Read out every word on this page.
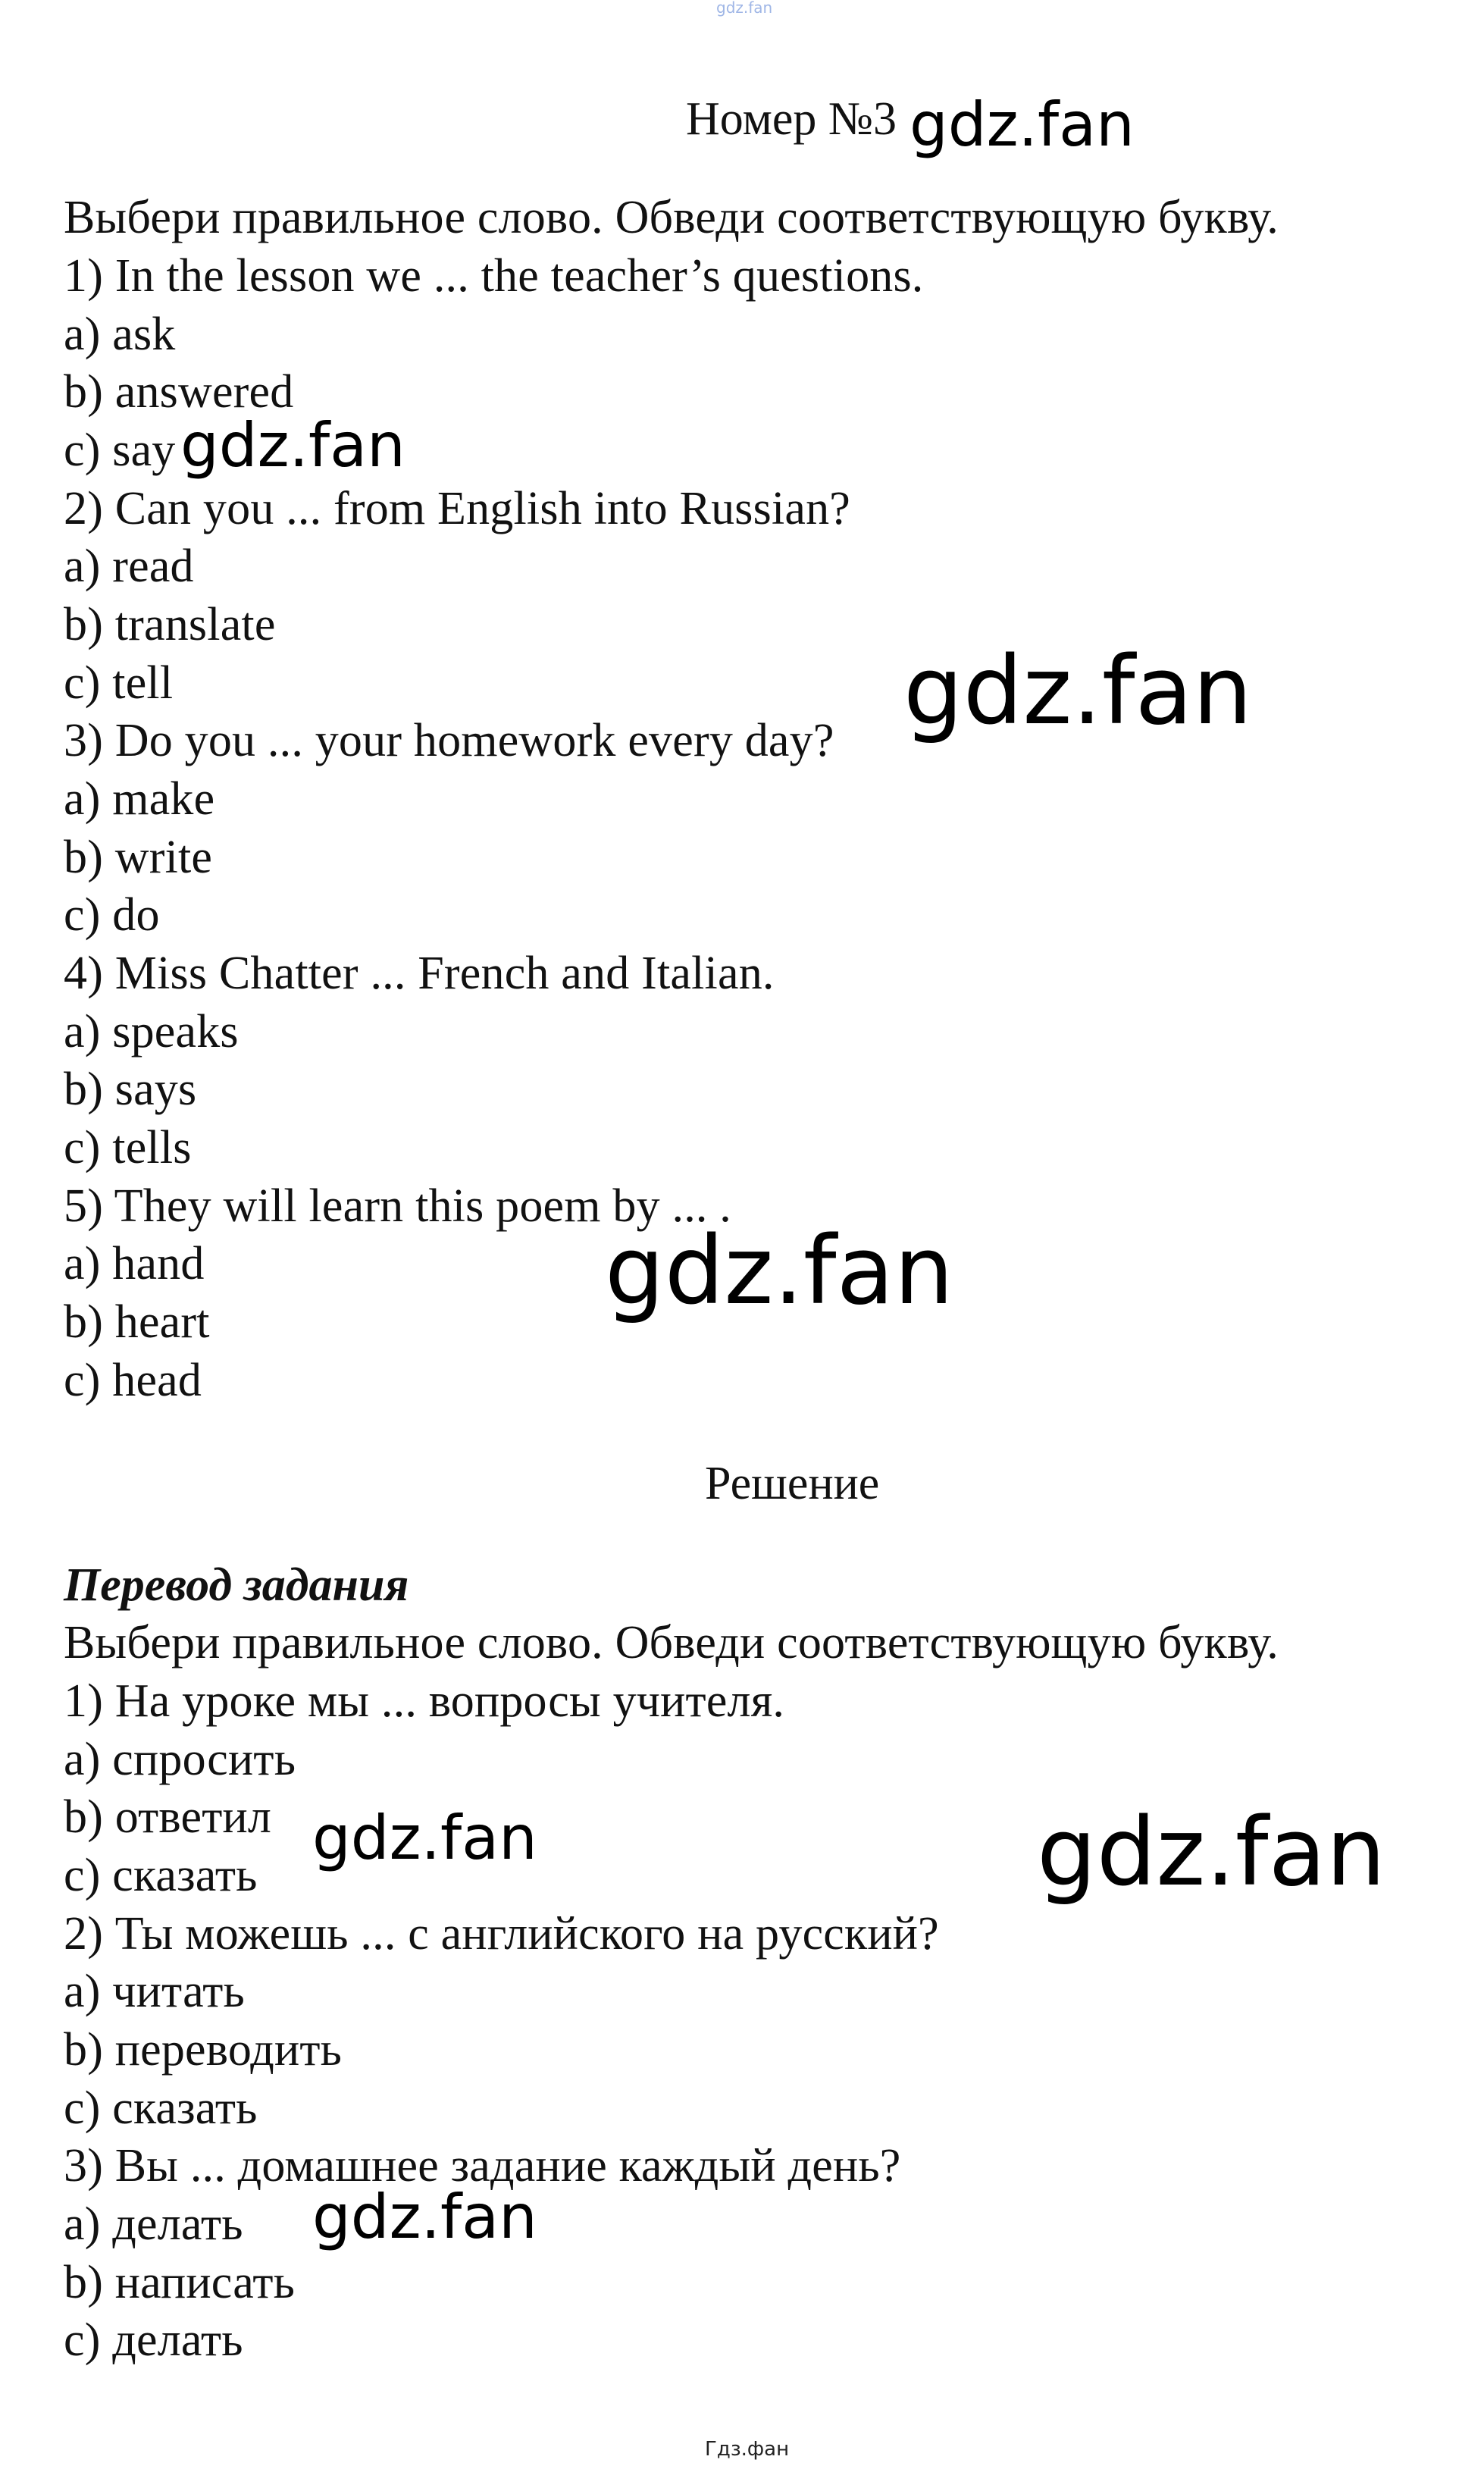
gdz.fan
Номер №3
Выбери правильное слово. Обведи соответствующую букву.
1) In the lesson we ... the teacher’s questions.
a) ask
b) answered
c) say
2) Can you ... from English into Russian?
a) read
b) translate
c) tell
3) Do you ... your homework every day?
a) make
b) write
c) do
4) Miss Chatter ... French and Italian.
a) speaks
b) says
c) tells
5) They will learn this poem by ... .
a) hand
b) heart
c) head
Решение
Перевод задания
Выбери правильное слово. Обведи соответствующую букву.
1) На уроке мы ... вопросы учителя.
a) спросить
b) ответил
c) сказать
2) Ты можешь ... с английского на русский?
a) читать
b) переводить
c) сказать
3) Вы ... домашнее задание каждый день?
a) делать
b) написать
c) делать
gdz.fan
gdz.fan
gdz.fan
gdz.fan
gdz.fan	gdz.fan
gdz.fan
Гдз.фан
